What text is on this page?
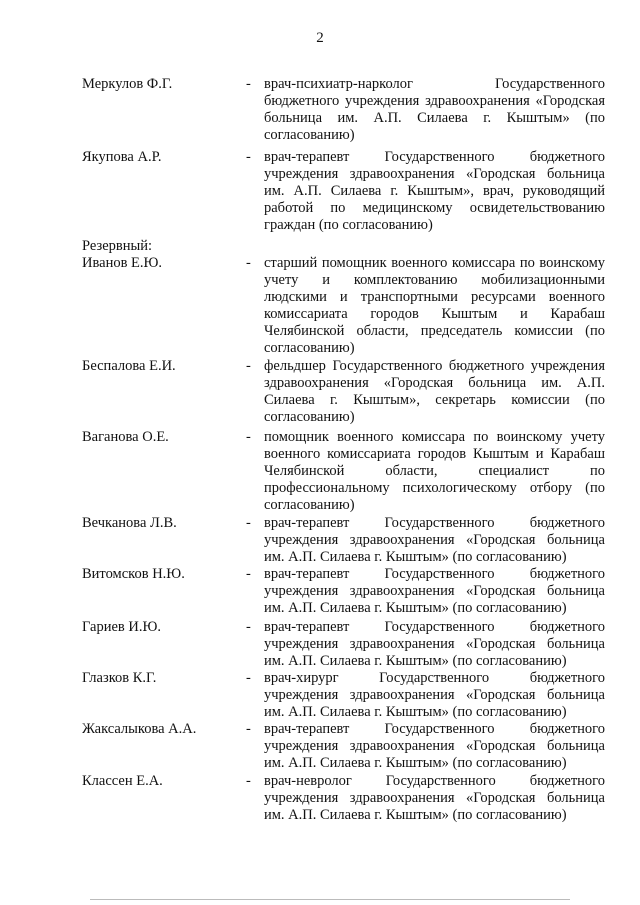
2
Меркулов Ф.Г.	- врач-психиатр-нарколог Государственного бюджетного учреждения здравоохранения «Городская больница им. А.П. Силаева г. Кыштым» (по согласованию)
Якупова А.Р.	- врач-терапевт Государственного бюджетного учреждения здравоохранения «Городская больница им. А.П. Силаева г. Кыштым», врач, руководящий работой по медицинскому освидетельствованию граждан (по согласованию)
Резервный:
Иванов Е.Ю.	- старший помощник военного комиссара по воинскому учету и комплектованию мобилизационными людскими и транспортными ресурсами военного комиссариата городов Кыштым и Карабаш Челябинской области, председатель комиссии (по согласованию)
Беспалова Е.И.	- фельдшер Государственного бюджетного учреждения здравоохранения «Городская больница им. А.П. Силаева г. Кыштым», секретарь комиссии (по согласованию)
Ваганова О.Е.	- помощник военного комиссара по воинскому учету военного комиссариата городов Кыштым и Карабаш Челябинской области, специалист по профессиональному психологическому отбору (по согласованию)
Вечканова Л.В.	- врач-терапевт Государственного бюджетного учреждения здравоохранения «Городская больница им. А.П. Силаева г. Кыштым» (по согласованию)
Витомсков Н.Ю.	- врач-терапевт Государственного бюджетного учреждения здравоохранения «Городская больница им. А.П. Силаева г. Кыштым» (по согласованию)
Гариев И.Ю.	- врач-терапевт Государственного бюджетного учреждения здравоохранения «Городская больница им. А.П. Силаева г. Кыштым» (по согласованию)
Глазков К.Г.	- врач-хирург Государственного бюджетного учреждения здравоохранения «Городская больница им. А.П. Силаева г. Кыштым» (по согласованию)
Жаксалыкова А.А.	- врач-терапевт Государственного бюджетного учреждения здравоохранения «Городская больница им. А.П. Силаева г. Кыштым» (по согласованию)
Классен Е.А.	- врач-невролог Государственного бюджетного учреждения здравоохранения «Городская больница им. А.П. Силаева г. Кыштым» (по согласованию)
